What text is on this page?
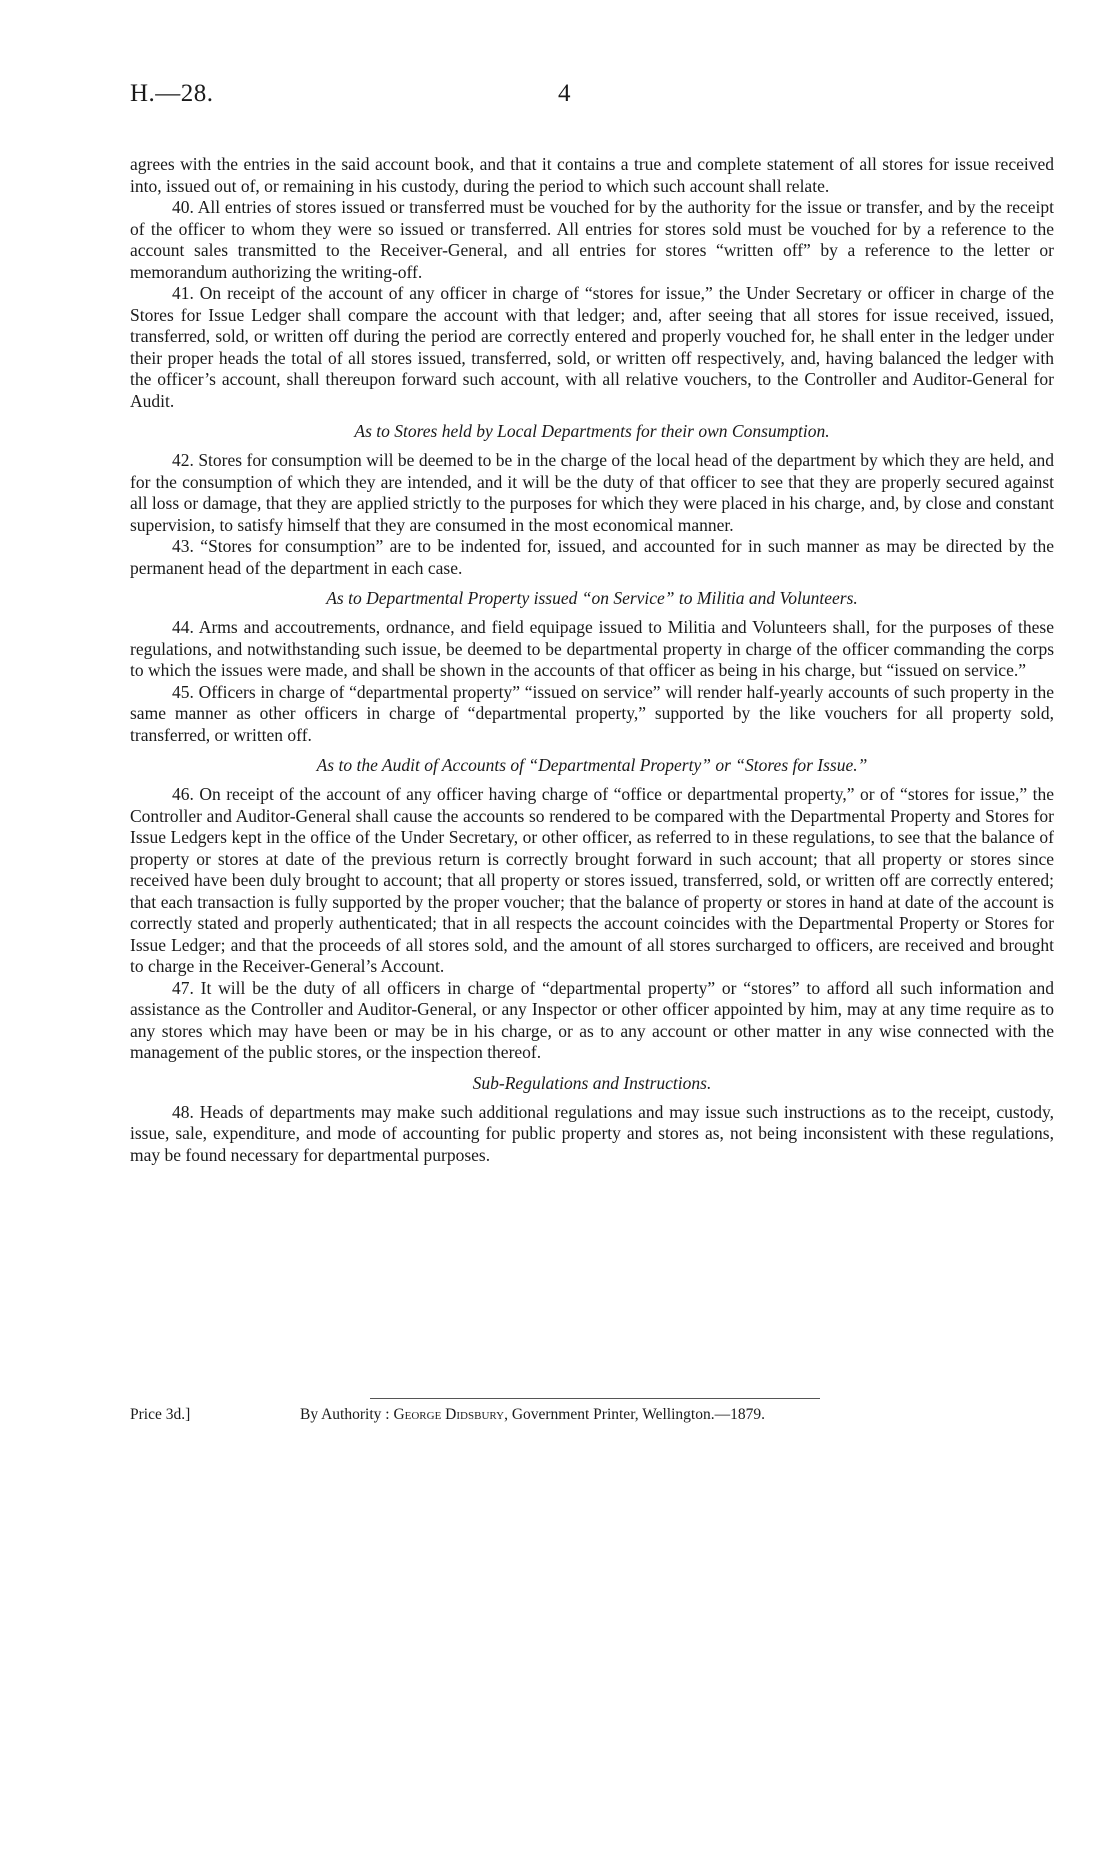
H.—28.	4

agrees with the entries in the said account book, and that it contains a true and complete statement of all stores for issue received into, issued out of, or remaining in his custody, during the period to which such account shall relate.

40. All entries of stores issued or transferred must be vouched for by the authority for the issue or transfer, and by the receipt of the officer to whom they were so issued or transferred. All entries for stores sold must be vouched for by a reference to the account sales transmitted to the Receiver-General, and all entries for stores “written off” by a reference to the letter or memorandum authorizing the writing-off.

41. On receipt of the account of any officer in charge of “stores for issue,” the Under Secretary or officer in charge of the Stores for Issue Ledger shall compare the account with that ledger; and, after seeing that all stores for issue received, issued, transferred, sold, or written off during the period are correctly entered and properly vouched for, he shall enter in the ledger under their proper heads the total of all stores issued, transferred, sold, or written off respectively, and, having balanced the ledger with the officer’s account, shall thereupon forward such account, with all relative vouchers, to the Controller and Auditor-General for Audit.

As to Stores held by Local Departments for their own Consumption.

42. Stores for consumption will be deemed to be in the charge of the local head of the department by which they are held, and for the consumption of which they are intended, and it will be the duty of that officer to see that they are properly secured against all loss or damage, that they are applied strictly to the purposes for which they were placed in his charge, and, by close and constant supervision, to satisfy himself that they are consumed in the most economical manner.

43. “Stores for consumption” are to be indented for, issued, and accounted for in such manner as may be directed by the permanent head of the department in each case.

As to Departmental Property issued “on Service” to Militia and Volunteers.

44. Arms and accoutrements, ordnance, and field equipage issued to Militia and Volunteers shall, for the purposes of these regulations, and notwithstanding such issue, be deemed to be departmental property in charge of the officer commanding the corps to which the issues were made, and shall be shown in the accounts of that officer as being in his charge, but “issued on service.”

45. Officers in charge of “departmental property” “issued on service” will render half-yearly accounts of such property in the same manner as other officers in charge of “departmental property,” supported by the like vouchers for all property sold, transferred, or written off.

As to the Audit of Accounts of “Departmental Property” or “Stores for Issue.”

46. On receipt of the account of any officer having charge of “office or departmental property,” or of “stores for issue,” the Controller and Auditor-General shall cause the accounts so rendered to be compared with the Departmental Property and Stores for Issue Ledgers kept in the office of the Under Secretary, or other officer, as referred to in these regulations, to see that the balance of property or stores at date of the previous return is correctly brought forward in such account; that all property or stores since received have been duly brought to account; that all property or stores issued, transferred, sold, or written off are correctly entered; that each transaction is fully supported by the proper voucher; that the balance of property or stores in hand at date of the account is correctly stated and properly authenticated; that in all respects the account coincides with the Departmental Property or Stores for Issue Ledger; and that the proceeds of all stores sold, and the amount of all stores surcharged to officers, are received and brought to charge in the Receiver-General’s Account.

47. It will be the duty of all officers in charge of “departmental property” or “stores” to afford all such information and assistance as the Controller and Auditor-General, or any Inspector or other officer appointed by him, may at any time require as to any stores which may have been or may be in his charge, or as to any account or other matter in any wise connected with the management of the public stores, or the inspection thereof.

Sub-Regulations and Instructions.

48. Heads of departments may make such additional regulations and may issue such instructions as to the receipt, custody, issue, sale, expenditure, and mode of accounting for public property and stores as, not being inconsistent with these regulations, may be found necessary for departmental purposes.

Price 3d.]	By Authority : George Didsbury, Government Printer, Wellington.—1879.
